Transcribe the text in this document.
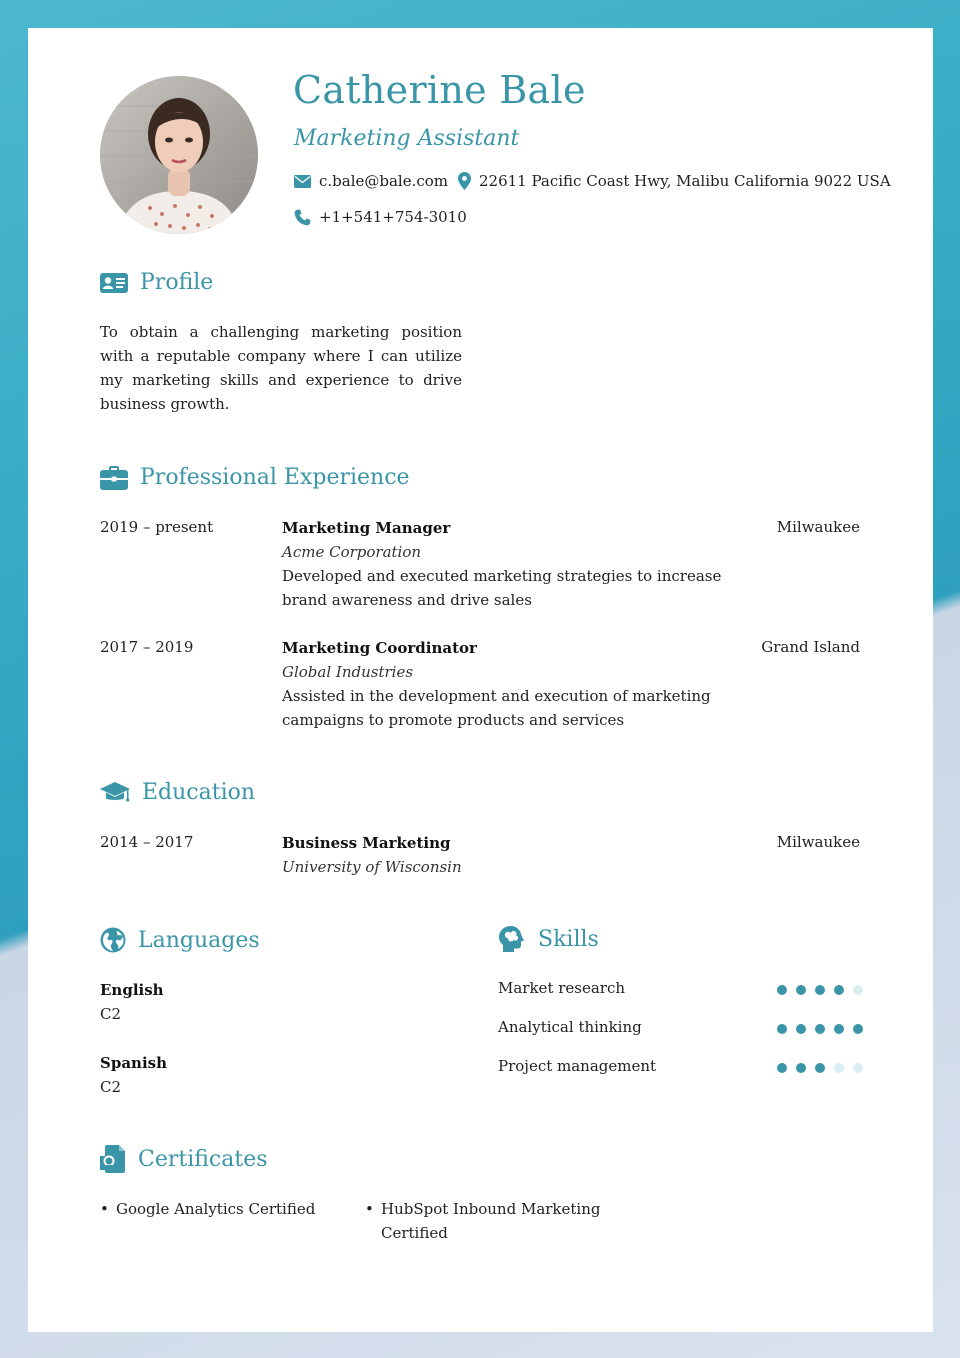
Catherine Bale
Marketing Assistant
c.bale@bale.com 22611 Pacific Coast Hwy, Malibu California 9022 USA
+1+541+754-3010
Profile
To obtain a challenging marketing position with a reputable company where I can utilize my marketing skills and experience to drive business growth.
Professional Experience
2019 – present	Marketing Manager
Acme Corporation
Developed and executed marketing strategies to increase brand awareness and drive sales
Milwaukee
2017 – 2019	Marketing Coordinator
Global Industries
Assisted in the development and execution of marketing campaigns to promote products and services
Grand Island
Education
2014 – 2017	Business Marketing
University of Wisconsin
Milwaukee
Languages
English
C2
Spanish
C2
Skills
Market research
Analytical thinking
Project management
Certificates
• Google Analytics Certified	• HubSpot Inbound Marketing Certified
